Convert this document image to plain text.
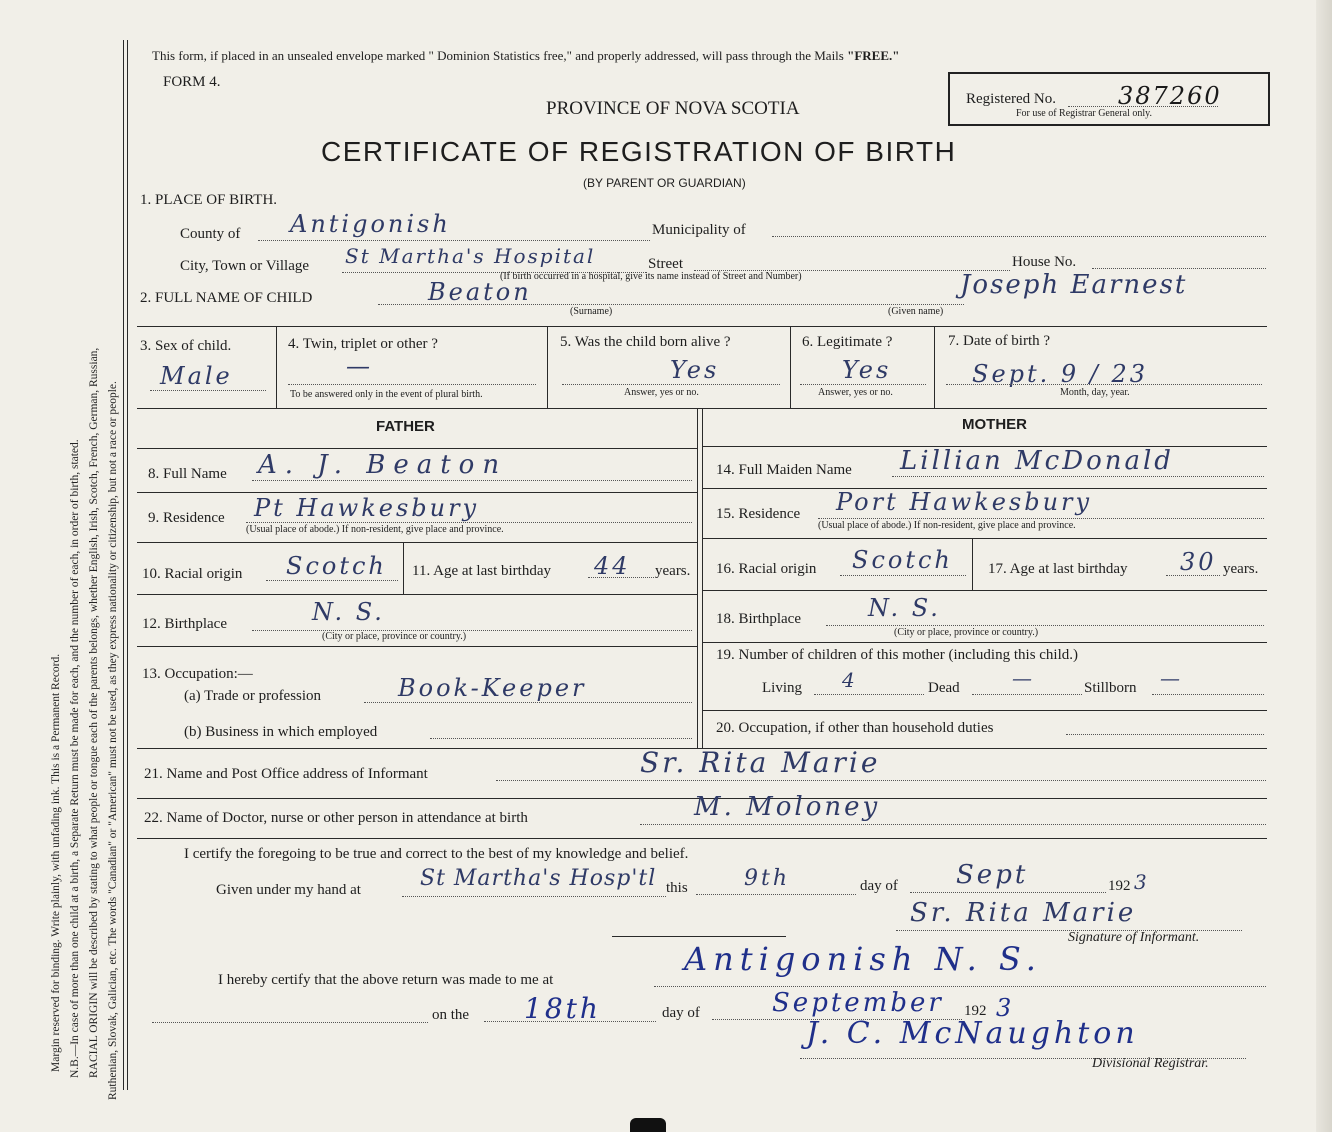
Margin reserved for binding. Write plainly, with unfading ink. This is a Permanent Record. N.B.—In case of more than one child at a birth, a Separate Return must be made for each, and the number of each, in order of birth, stated. RACIAL ORIGIN will be described by stating to what people or tongue each of the parents belongs, whether English, Irish, Scotch, French, German, Russian, Ruthenian, Slovak, Galician, etc. The words "Canadian" or "American" must not be used, as they express nationality or citizenship, but not a race or people.
This form, if placed in an unsealed envelope marked " Dominion Statistics free," and properly addressed, will pass through the Mails "FREE."
FORM 4.
PROVINCE OF NOVA SCOTIA
CERTIFICATE OF REGISTRATION OF BIRTH
(BY PARENT OR GUARDIAN)
Registered No.	387260
For use of Registrar General only.
1. PLACE OF BIRTH.
County of Antigonish	Municipality of
City, Town or Village St Martha's Hospital	Street	House No.
(If birth occurred in a hospital, give its name instead of Street and Number)
2. FULL NAME OF CHILD	Beaton
(Surname)
Joseph Earnest
(Given name)
3. Sex of child.
Male
4. Twin, triplet or other ?
—
To be answered only in the event of plural birth.
5. Was the child born alive ?
Yes
Answer, yes or no.
6. Legitimate ?
Yes
Answer, yes or no.
7. Date of birth ?
Sept. 9 / 23
Month, day, year.
FATHER
8. Full Name A. J. Beaton
9. Residence Pt Hawkesbury
(Usual place of abode.) If non-resident, give place and province.
10. Racial origin Scotch 11. Age at last birthday 44 years.
12. Birthplace	N. S.
(City or place, province or country.)
13. Occupation:—
(a) Trade or profession	Book-Keeper
(b) Business in which employed
MOTHER
14. Full Maiden Name Lillian McDonald
15. Residence Port Hawkesbury
(Usual place of abode.) If non-resident, give place and province.
16. Racial origin Scotch 17. Age at last birthday 30 years.
18. Birthplace	N. S.
(City or place, province or country.)
19. Number of children of this mother (including this child.)
Living 4	Dead	—	Stillborn —
20. Occupation, if other than household duties
21. Name and Post Office address of Informant	Sr. Rita Marie
22. Name of Doctor, nurse or other person in attendance at birth	M. Moloney
I certify the foregoing to be true and correct to the best of my knowledge and belief.
Given under my hand at	St Martha's Hosp'tl this	9th	day of Sept	192 3
Sr. Rita Marie
Signature of Informant.
I hereby certify that the above return was made to me at
Antigonish N. S.
on the 18th	day of	September 192 3
J. C. McNaughton
Divisional Registrar.
